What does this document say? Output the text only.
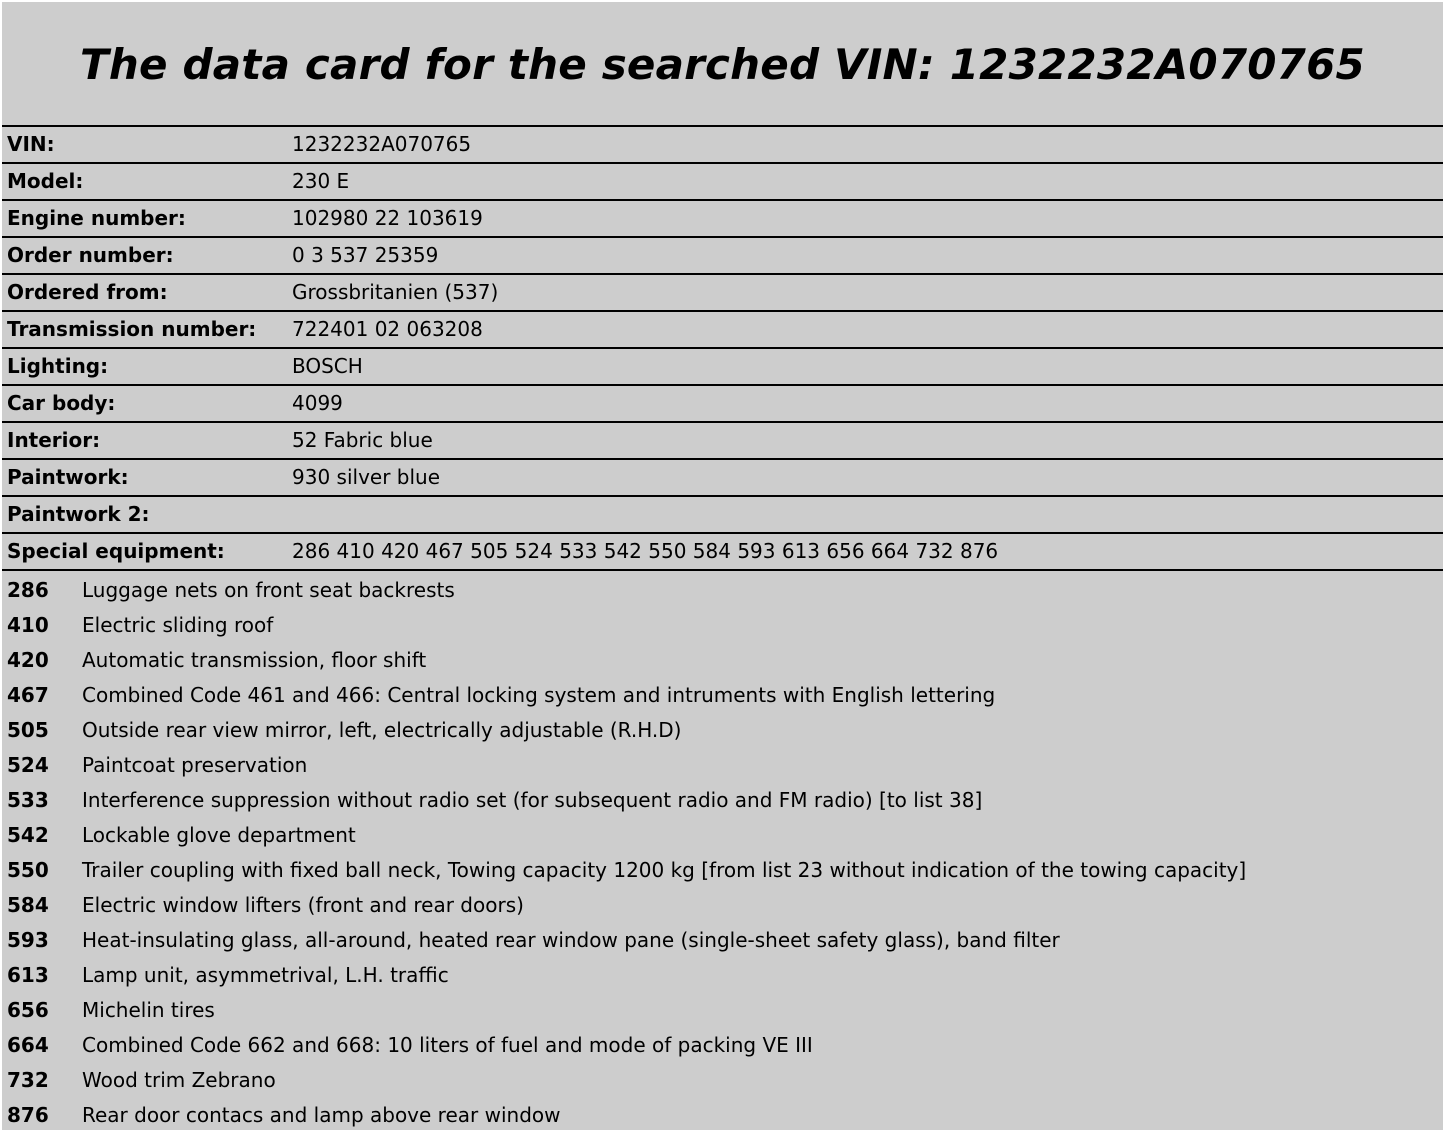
The data card for the searched VIN: 1232232A070765
VIN:	1232232A070765
Model:	230 E
Engine number:	102980 22 103619
Order number:	0 3 537 25359
Ordered from:	Grossbritanien (537)
Transmission number:	722401 02 063208
Lighting:	BOSCH
Car body:	4099
Interior:	52 Fabric blue
Paintwork:	930 silver blue
Paintwork 2:	
Special equipment:	286 410 420 467 505 524 533 542 550 584 593 613 656 664 732 876
286	Luggage nets on front seat backrests
410	Electric sliding roof
420	Automatic transmission, floor shift
467	Combined Code 461 and 466: Central locking system and intruments with English lettering
505	Outside rear view mirror, left, electrically adjustable (R.H.D)
524	Paintcoat preservation
533	Interference suppression without radio set (for subsequent radio and FM radio) [to list 38]
542	Lockable glove department
550	Trailer coupling with fixed ball neck, Towing capacity 1200 kg [from list 23 without indication of the towing capacity]
584	Electric window lifters (front and rear doors)
593	Heat-insulating glass, all-around, heated rear window pane (single-sheet safety glass), band filter
613	Lamp unit, asymmetrival, L.H. traffic
656	Michelin tires
664	Combined Code 662 and 668: 10 liters of fuel and mode of packing VE III
732	Wood trim Zebrano
876	Rear door contacs and lamp above rear window
